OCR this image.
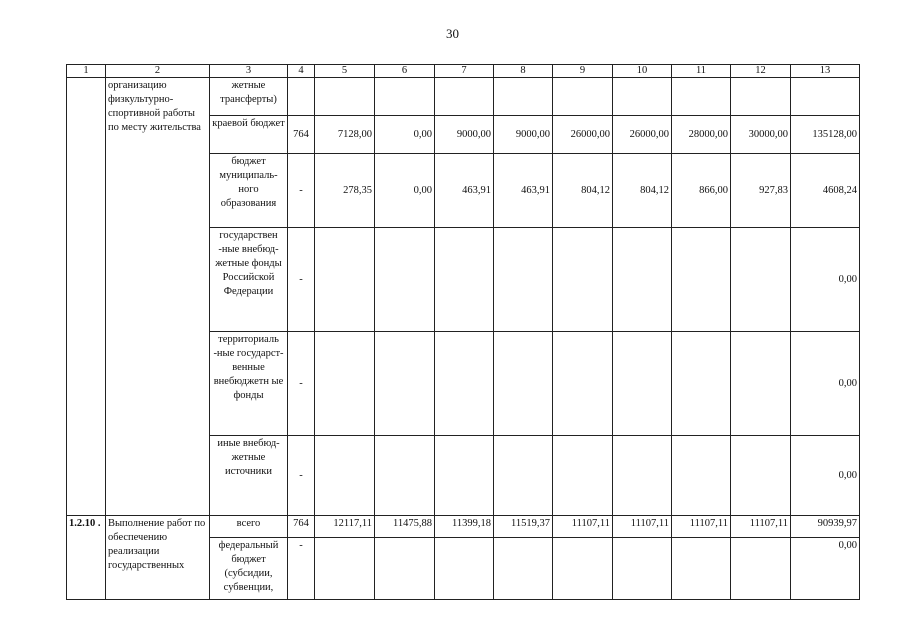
30
1	2	3	4	5	6	7	8	9	10	11	12	13
	организацию физкультурно-спортивной работы по месту жительства	жетные трансферты)										
		краевой бюджет	764	7128,00	0,00	9000,00	9000,00	26000,00	26000,00	28000,00	30000,00	135128,00
		бюджет муниципаль-ного образования	-	278,35	0,00	463,91	463,91	804,12	804,12	866,00	927,83	4608,24
		государствен -ные внебюд-жетные фонды Российской Федерации	-									0,00
		территориаль -ные государст-венные внебюджетн ые фонды	-									0,00
		иные внебюд-жетные источники	-									0,00
1.2.10 .	Выполнение работ по обеспечению реализации государственных	всего	764	12117,11	11475,88	11399,18	11519,37	11107,11	11107,11	11107,11	11107,11	90939,97
		федеральный бюджет (субсидии, субвенции,	-									0,00
